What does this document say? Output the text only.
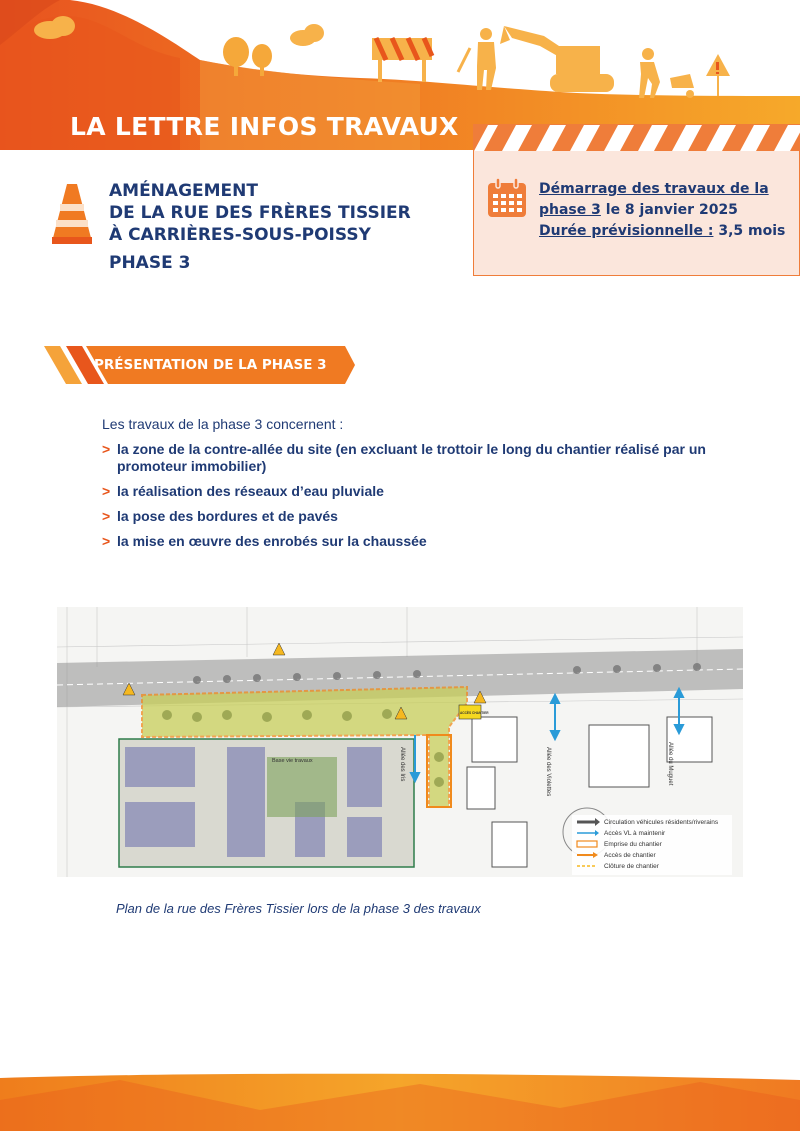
LA LETTRE INFOS TRAVAUX
AMÉNAGEMENT
DE LA RUE DES FRÈRES TISSIER
À CARRIÈRES-SOUS-POISSY
PHASE 3
Démarrage des travaux de la phase 3 le 8 janvier 2025
Durée prévisionnelle : 3,5 mois
PRÉSENTATION DE LA PHASE 3
Les travaux de la phase 3 concernent :
> la zone de la contre-allée du site (en excluant le trottoir le long du chantier réalisé par un promoteur immobilier)
> la réalisation des réseaux d’eau pluviale
> la pose des bordures et de pavés
> la mise en œuvre des enrobés sur la chaussée
Base vie travaux	Allée des Iris	Allée des Violettes	Allée du Muguet
ACCÈS CHANTIER
Circulation véhicules résidents/riverains
Accès VL à maintenir
Emprise du chantier
Accès de chantier
Clôture de chantier
Plan de la rue des Frères Tissier lors de la phase 3 des travaux
